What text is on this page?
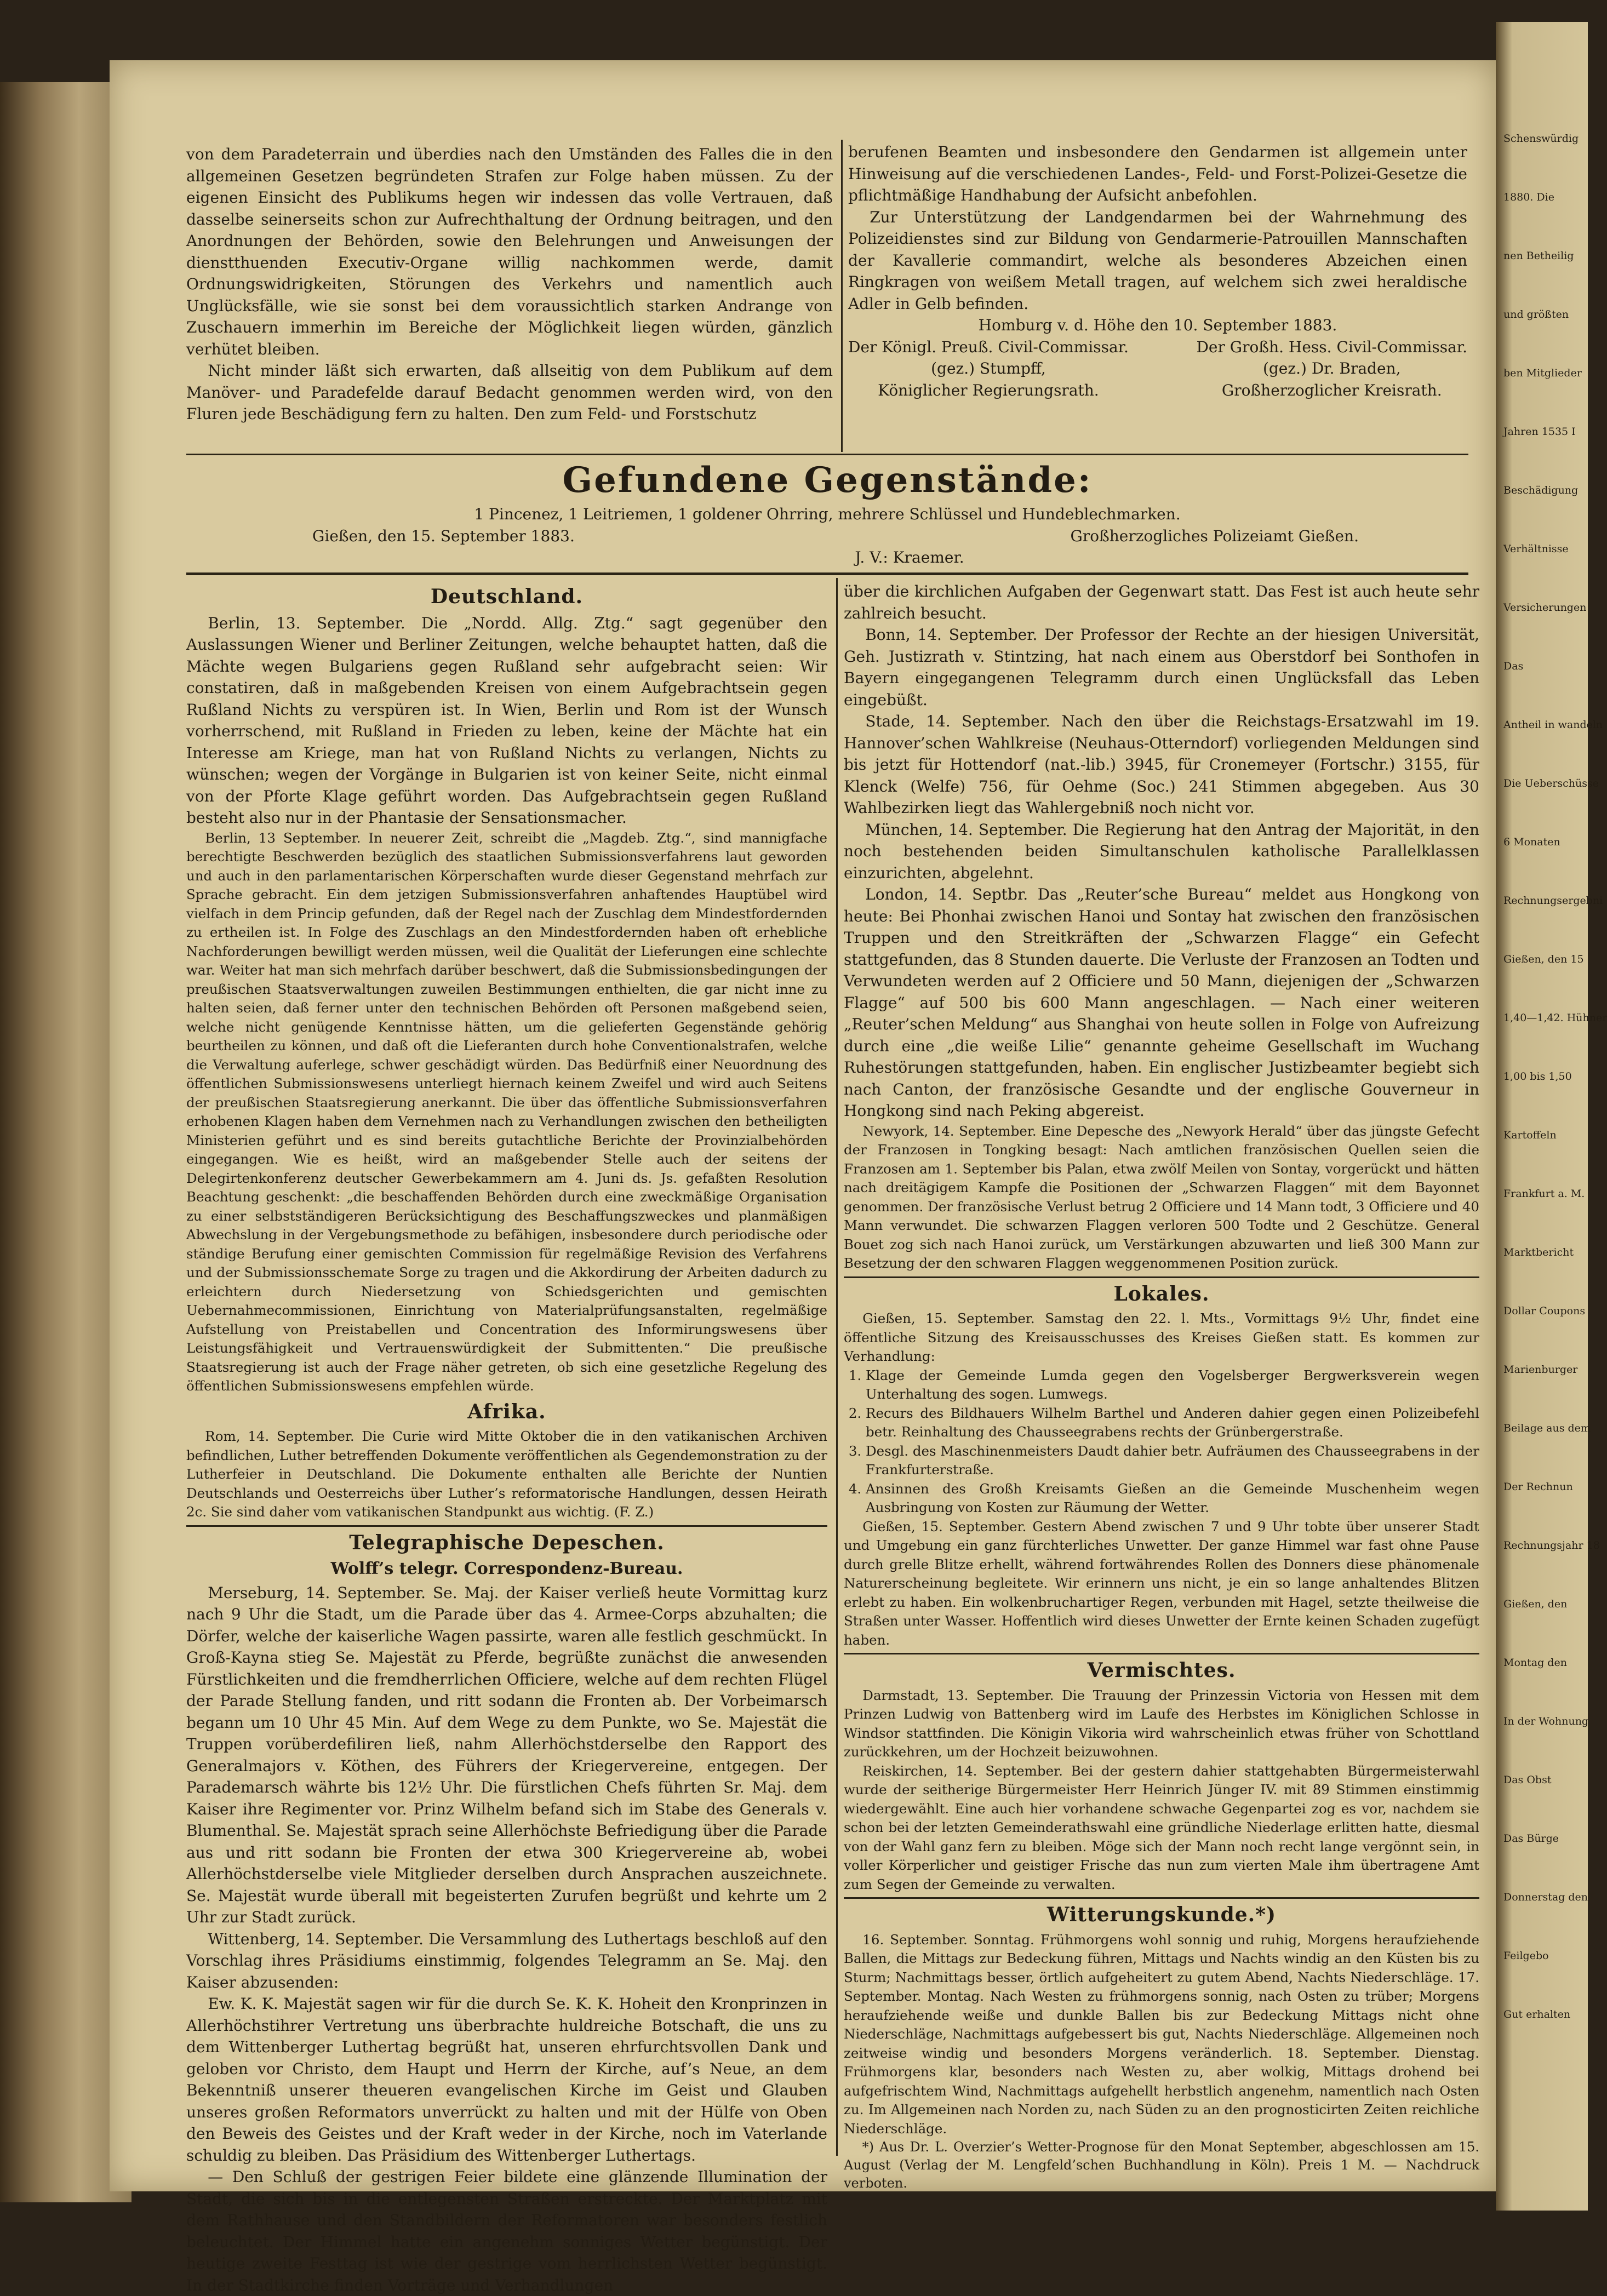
von dem Paradeterrain und überdies nach den Umständen des Falles die in den allgemeinen Gesetzen begründeten Strafen zur Folge haben müssen. Zu der eigenen Einsicht des Publikums hegen wir indessen das volle Vertrauen, daß dasselbe seinerseits schon zur Aufrechthaltung der Ordnung beitragen, und den Anordnungen der Behörden, sowie den Belehrungen und Anweisungen der dienstthuenden Executiv-Organe willig nachkommen werde, damit Ordnungswidrigkeiten, Störungen des Verkehrs und namentlich auch Unglücksfälle, wie sie sonst bei dem voraussichtlich starken Andrange von Zuschauern immerhin im Bereiche der Möglichkeit liegen würden, gänzlich verhütet bleiben.

Nicht minder läßt sich erwarten, daß allseitig von dem Publikum auf dem Manöver- und Paradefelde darauf Bedacht genommen werden wird, von den Fluren jede Beschädigung fern zu halten. Den zum Feld- und Forstschutz

berufenen Beamten und insbesondere den Gendarmen ist allgemein unter Hinweisung auf die verschiedenen Landes-, Feld- und Forst-Polizei-Gesetze die pflichtmäßige Handhabung der Aufsicht anbefohlen.

Zur Unterstützung der Landgendarmen bei der Wahrnehmung des Polizeidienstes sind zur Bildung von Gendarmerie-Patrouillen Mannschaften der Kavallerie commandirt, welche als besonderes Abzeichen einen Ringkragen von weißem Metall tragen, auf welchem sich zwei heraldische Adler in Gelb befinden.

Homburg v. d. Höhe den 10. September 1883.

Der Königl. Preuß. Civil-Commissar.
(gez.) Stumpff,
Königlicher Regierungsrath.
Der Großh. Hess. Civil-Commissar.
(gez.) Dr. Braden,
Großherzoglicher Kreisrath.
Gefundene Gegenstände:
1 Pincenez, 1 Leitriemen, 1 goldener Ohrring, mehrere Schlüssel und Hundeblechmarken.
Gießen, den 15. September 1883.	Großherzogliches Polizeiamt Gießen.
J. V.: Kraemer.
Deutschland.

Berlin, 13. September. Die „Nordd. Allg. Ztg.“ sagt gegenüber den Auslassungen Wiener und Berliner Zeitungen, welche behauptet hatten, daß die Mächte wegen Bulgariens gegen Rußland sehr aufgebracht seien: Wir constatiren, daß in maßgebenden Kreisen von einem Aufgebrachtsein gegen Rußland Nichts zu verspüren ist. In Wien, Berlin und Rom ist der Wunsch vorherrschend, mit Rußland in Frieden zu leben, keine der Mächte hat ein Interesse am Kriege, man hat von Rußland Nichts zu verlangen, Nichts zu wünschen; wegen der Vorgänge in Bulgarien ist von keiner Seite, nicht einmal von der Pforte Klage geführt worden. Das Aufgebrachtsein gegen Rußland besteht also nur in der Phantasie der Sensationsmacher.

Berlin, 13 September. In neuerer Zeit, schreibt die „Magdeb. Ztg.“, sind mannigfache berechtigte Beschwerden bezüglich des staatlichen Submissionsverfahrens laut geworden und auch in den parlamentarischen Körperschaften wurde dieser Gegenstand mehrfach zur Sprache gebracht. Ein dem jetzigen Submissionsverfahren anhaftendes Hauptübel wird vielfach in dem Princip gefunden, daß der Regel nach der Zuschlag dem Mindestfordernden zu ertheilen ist. In Folge des Zuschlags an den Mindestfordernden haben oft erhebliche Nachforderungen bewilligt werden müssen, weil die Qualität der Lieferungen eine schlechte war. Weiter hat man sich mehrfach darüber beschwert, daß die Submissionsbedingungen der preußischen Staatsverwaltungen zuweilen Bestimmungen enthielten, die gar nicht inne zu halten seien, daß ferner unter den technischen Behörden oft Personen maßgebend seien, welche nicht genügende Kenntnisse hätten, um die gelieferten Gegenstände gehörig beurtheilen zu können, und daß oft die Lieferanten durch hohe Conventionalstrafen, welche die Verwaltung auferlege, schwer geschädigt würden. Das Bedürfniß einer Neuordnung des öffentlichen Submissionswesens unterliegt hiernach keinem Zweifel und wird auch Seitens der preußischen Staatsregierung anerkannt. Die über das öffentliche Submissionsverfahren erhobenen Klagen haben dem Vernehmen nach zu Verhandlungen zwischen den betheiligten Ministerien geführt und es sind bereits gutachtliche Berichte der Provinzialbehörden eingegangen. Wie es heißt, wird an maßgebender Stelle auch der seitens der Delegirtenkonferenz deutscher Gewerbekammern am 4. Juni ds. Js. gefaßten Resolution Beachtung geschenkt: „die beschaffenden Behörden durch eine zweckmäßige Organisation zu einer selbstständigeren Berücksichtigung des Beschaffungszweckes und planmäßigen Abwechslung in der Vergebungsmethode zu befähigen, insbesondere durch periodische oder ständige Berufung einer gemischten Commission für regelmäßige Revision des Verfahrens und der Submissionsschemate Sorge zu tragen und die Akkordirung der Arbeiten dadurch zu erleichtern durch Niedersetzung von Schiedsgerichten und gemischten Uebernahmecommissionen, Einrichtung von Materialprüfungsanstalten, regelmäßige Aufstellung von Preistabellen und Concentration des Informirungswesens über Leistungsfähigkeit und Vertrauenswürdigkeit der Submittenten.“ Die preußische Staatsregierung ist auch der Frage näher getreten, ob sich eine gesetzliche Regelung des öffentlichen Submissionswesens empfehlen würde.

Afrika.

Rom, 14. September. Die Curie wird Mitte Oktober die in den vatikanischen Archiven befindlichen, Luther betreffenden Dokumente veröffentlichen als Gegendemonstration zu der Lutherfeier in Deutschland. Die Dokumente enthalten alle Berichte der Nuntien Deutschlands und Oesterreichs über Luther’s reformatorische Handlungen, dessen Heirath 2c. Sie sind daher vom vatikanischen Standpunkt aus wichtig. (F. Z.)

Telegraphische Depeschen.
Wolff’s telegr. Correspondenz-Bureau.

Merseburg, 14. September. Se. Maj. der Kaiser verließ heute Vormittag kurz nach 9 Uhr die Stadt, um die Parade über das 4. Armee-Corps abzuhalten; die Dörfer, welche der kaiserliche Wagen passirte, waren alle festlich geschmückt. In Groß-Kayna stieg Se. Majestät zu Pferde, begrüßte zunächst die anwesenden Fürstlichkeiten und die fremdherrlichen Officiere, welche auf dem rechten Flügel der Parade Stellung fanden, und ritt sodann die Fronten ab. Der Vorbeimarsch begann um 10 Uhr 45 Min. Auf dem Wege zu dem Punkte, wo Se. Majestät die Truppen vorüberdefiliren ließ, nahm Allerhöchstderselbe den Rapport des Generalmajors v. Köthen, des Führers der Kriegervereine, entgegen. Der Parademarsch währte bis 12½ Uhr. Die fürstlichen Chefs führten Sr. Maj. dem Kaiser ihre Regimenter vor. Prinz Wilhelm befand sich im Stabe des Generals v. Blumenthal. Se. Majestät sprach seine Allerhöchste Befriedigung über die Parade aus und ritt sodann bie Fronten der etwa 300 Kriegervereine ab, wobei Allerhöchstderselbe viele Mitglieder derselben durch Ansprachen auszeichnete. Se. Majestät wurde überall mit begeisterten Zurufen begrüßt und kehrte um 2 Uhr zur Stadt zurück.

Wittenberg, 14. September. Die Versammlung des Luthertags beschloß auf den Vorschlag ihres Präsidiums einstimmig, folgendes Telegramm an Se. Maj. den Kaiser abzusenden:

Ew. K. K. Majestät sagen wir für die durch Se. K. K. Hoheit den Kronprinzen in Allerhöchstihrer Vertretung uns überbrachte huldreiche Botschaft, die uns zu dem Wittenberger Luthertag begrüßt hat, unseren ehrfurchtsvollen Dank und geloben vor Christo, dem Haupt und Herrn der Kirche, auf’s Neue, an dem Bekenntniß unserer theueren evangelischen Kirche im Geist und Glauben unseres großen Reformators unverrückt zu halten und mit der Hülfe von Oben den Beweis des Geistes und der Kraft weder in der Kirche, noch im Vaterlande schuldig zu bleiben. Das Präsidium des Wittenberger Luthertags.

— Den Schluß der gestrigen Feier bildete eine glänzende Illumination der Stadt, die sich bis in die entlegensten Straßen erstreckte. Der Marktplatz mit dem Rathhause und den Standbildern der Reformatoren war besonders festlich beleuchtet. Der Himmel hatte ein angenehm sonniges Wetter begünstigt. Der heutige zweite Festtag ist wie der gestrige vom herrlichsten Wetter begünstigt. In der Stadtkirche finden Vorträge und Verhandlungen

über die kirchlichen Aufgaben der Gegenwart statt. Das Fest ist auch heute sehr zahlreich besucht.

Bonn, 14. September. Der Professor der Rechte an der hiesigen Universität, Geh. Justizrath v. Stintzing, hat nach einem aus Oberstdorf bei Sonthofen in Bayern eingegangenen Telegramm durch einen Unglücksfall das Leben eingebüßt.

Stade, 14. September. Nach den über die Reichstags-Ersatzwahl im 19. Hannover’schen Wahlkreise (Neuhaus-Otterndorf) vorliegenden Meldungen sind bis jetzt für Hottendorf (nat.-lib.) 3945, für Cronemeyer (Fortschr.) 3155, für Klenck (Welfe) 756, für Oehme (Soc.) 241 Stimmen abgegeben. Aus 30 Wahlbezirken liegt das Wahlergebniß noch nicht vor.

München, 14. September. Die Regierung hat den Antrag der Majorität, in den noch bestehenden beiden Simultanschulen katholische Parallelklassen einzurichten, abgelehnt.

London, 14. Septbr. Das „Reuter’sche Bureau“ meldet aus Hongkong von heute: Bei Phonhai zwischen Hanoi und Sontay hat zwischen den französischen Truppen und den Streitkräften der „Schwarzen Flagge“ ein Gefecht stattgefunden, das 8 Stunden dauerte. Die Verluste der Franzosen an Todten und Verwundeten werden auf 2 Officiere und 50 Mann, diejenigen der „Schwarzen Flagge“ auf 500 bis 600 Mann angeschlagen. — Nach einer weiteren „Reuter’schen Meldung“ aus Shanghai von heute sollen in Folge von Aufreizung durch eine „die weiße Lilie“ genannte geheime Gesellschaft im Wuchang Ruhestörungen stattgefunden, haben. Ein englischer Justizbeamter begiebt sich nach Canton, der französische Gesandte und der englische Gouverneur in Hongkong sind nach Peking abgereist.

Newyork, 14. September. Eine Depesche des „Newyork Herald“ über das jüngste Gefecht der Franzosen in Tongking besagt: Nach amtlichen französischen Quellen seien die Franzosen am 1. September bis Palan, etwa zwölf Meilen von Sontay, vorgerückt und hätten nach dreitägigem Kampfe die Positionen der „Schwarzen Flaggen“ mit dem Bayonnet genommen. Der französische Verlust betrug 2 Officiere und 14 Mann todt, 3 Officiere und 40 Mann verwundet. Die schwarzen Flaggen verloren 500 Todte und 2 Geschütze. General Bouet zog sich nach Hanoi zurück, um Verstärkungen abzuwarten und ließ 300 Mann zur Besetzung der den schwaren Flaggen weggenommenen Position zurück.

Lokales.

Gießen, 15. September. Samstag den 22. l. Mts., Vormittags 9½ Uhr, findet eine öffentliche Sitzung des Kreisausschusses des Kreises Gießen statt. Es kommen zur Verhandlung:

1. Klage der Gemeinde Lumda gegen den Vogelsberger Bergwerksverein wegen Unterhaltung des sogen. Lumwegs.
2. Recurs des Bildhauers Wilhelm Barthel und Anderen dahier gegen einen Polizeibefehl betr. Reinhaltung des Chausseegrabens rechts der Grünbergerstraße.
3. Desgl. des Maschinenmeisters Daudt dahier betr. Aufräumen des Chausseegrabens in der Frankfurterstraße.
4. Ansinnen des Großh Kreisamts Gießen an die Gemeinde Muschenheim wegen Ausbringung von Kosten zur Räumung der Wetter.

Gießen, 15. September. Gestern Abend zwischen 7 und 9 Uhr tobte über unserer Stadt und Umgebung ein ganz fürchterliches Unwetter. Der ganze Himmel war fast ohne Pause durch grelle Blitze erhellt, während fortwährendes Rollen des Donners diese phänomenale Naturerscheinung begleitete. Wir erinnern uns nicht, je ein so lange anhaltendes Blitzen erlebt zu haben. Ein wolkenbruchartiger Regen, verbunden mit Hagel, setzte theilweise die Straßen unter Wasser. Hoffentlich wird dieses Unwetter der Ernte keinen Schaden zugefügt haben.

Vermischtes.

Darmstadt, 13. September. Die Trauung der Prinzessin Victoria von Hessen mit dem Prinzen Ludwig von Battenberg wird im Laufe des Herbstes im Königlichen Schlosse in Windsor stattfinden. Die Königin Vikoria wird wahrscheinlich etwas früher von Schottland zurückkehren, um der Hochzeit beizuwohnen.

Reiskirchen, 14. September. Bei der gestern dahier stattgehabten Bürgermeisterwahl wurde der seitherige Bürgermeister Herr Heinrich Jünger IV. mit 89 Stimmen einstimmig wiedergewählt. Eine auch hier vorhandene schwache Gegenpartei zog es vor, nachdem sie schon bei der letzten Gemeinderathswahl eine gründliche Niederlage erlitten hatte, diesmal von der Wahl ganz fern zu bleiben. Möge sich der Mann noch recht lange vergönnt sein, in voller Körperlicher und geistiger Frische das nun zum vierten Male ihm übertragene Amt zum Segen der Gemeinde zu verwalten.

Witterungskunde.*)

16. September. Sonntag. Frühmorgens wohl sonnig und ruhig, Morgens heraufziehende Ballen, die Mittags zur Bedeckung führen, Mittags und Nachts windig an den Küsten bis zu Sturm; Nachmittags besser, örtlich aufgeheitert zu gutem Abend, Nachts Niederschläge. 17. September. Montag. Nach Westen zu frühmorgens sonnig, nach Osten zu trüber; Morgens heraufziehende weiße und dunkle Ballen bis zur Bedeckung Mittags nicht ohne Niederschläge, Nachmittags aufgebessert bis gut, Nachts Niederschläge. Allgemeinen noch zeitweise windig und besonders Morgens veränderlich. 18. September. Dienstag. Frühmorgens klar, besonders nach Westen zu, aber wolkig, Mittags drohend bei aufgefrischtem Wind, Nachmittags aufgehellt herbstlich angenehm, namentlich nach Osten zu. Im Allgemeinen nach Norden zu, nach Süden zu an den prognosticirten Zeiten reichliche Niederschläge.

*) Aus Dr. L. Overzier’s Wetter-Prognose für den Monat September, abgeschlossen am 15. August (Verlag der M. Lengfeld’schen Buchhandlung in Köln). Preis 1 M. — Nachdruck verboten.

Schenswürdig

1880. Die

nen Betheilig

und größten

ben Mitglieder

Jahren 1535 I

Beschädigung

Verhältnisse

Versicherungen

Das

Antheil in wandeln

Die Ueberschüsse

6 Monaten

Rechnungsergebni

Gießen, den 15

1,40—1,42. Hühner

1,00 bis 1,50

Kartoffeln

Frankfurt a. M.

Marktbericht

Dollar Coupons

Marienburger

Beilage aus dem

Der Rechnun

Rechnungsjahr 18

Gießen, den

Montag den

In der Wohnung

Das Obst

Das Bürge

Donnerstag den

Feilgebo

Gut erhalten
